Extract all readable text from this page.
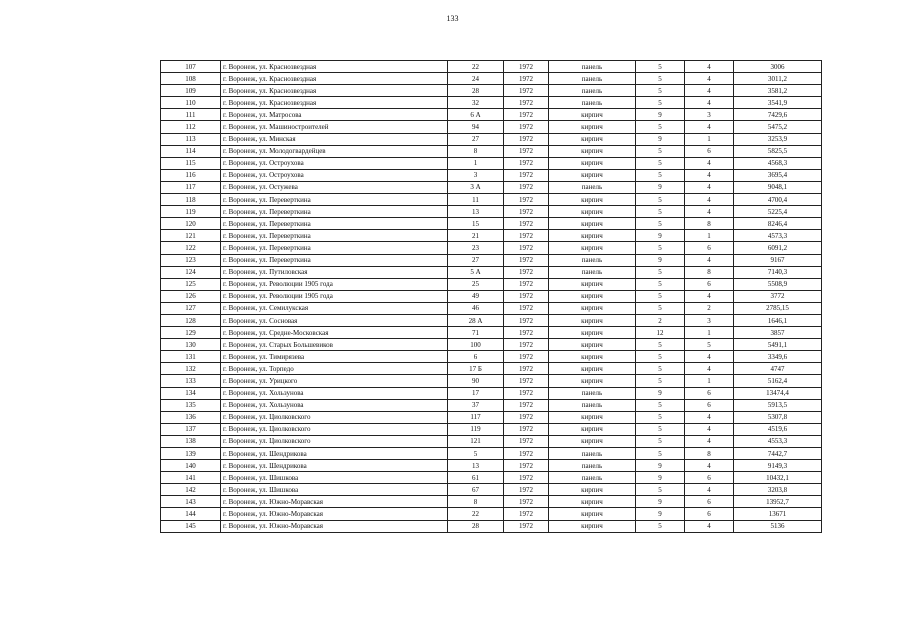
133
107	г. Воронеж, ул. Краснозвездная	22	1972	панель	5	4	3006
108	г. Воронеж, ул. Краснозвездная	24	1972	панель	5	4	3011,2
109	г. Воронеж, ул. Краснозвездная	28	1972	панель	5	4	3581,2
110	г. Воронеж, ул. Краснозвездная	32	1972	панель	5	4	3541,9
111	г. Воронеж, ул. Матросова	6 А	1972	кирпич	9	3	7429,6
112	г. Воронеж, ул. Машиностроителей	94	1972	кирпич	5	4	5475,2
113	г. Воронеж, ул. Минская	27	1972	кирпич	9	1	3253,9
114	г. Воронеж, ул. Молодогвардейцев	8	1972	кирпич	5	6	5825,5
115	г. Воронеж, ул. Остроухова	1	1972	кирпич	5	4	4568,3
116	г. Воронеж, ул. Остроухова	3	1972	кирпич	5	4	3695,4
117	г. Воронеж, ул. Остужева	3 А	1972	панель	9	4	9048,1
118	г. Воронеж, ул. Переверткина	11	1972	кирпич	5	4	4700,4
119	г. Воронеж, ул. Переверткина	13	1972	кирпич	5	4	5225,4
120	г. Воронеж, ул. Переверткина	15	1972	кирпич	5	8	8246,4
121	г. Воронеж, ул. Переверткина	21	1972	кирпич	9	1	4573,3
122	г. Воронеж, ул. Переверткина	23	1972	кирпич	5	6	6091,2
123	г. Воронеж, ул. Переверткина	27	1972	панель	9	4	9167
124	г. Воронеж, ул. Путиловская	5 А	1972	панель	5	8	7140,3
125	г. Воронеж, ул. Революции 1905 года	25	1972	кирпич	5	6	5508,9
126	г. Воронеж, ул. Революции 1905 года	49	1972	кирпич	5	4	3772
127	г. Воронеж, ул. Семилукская	46	1972	кирпич	5	2	2785,15
128	г. Воронеж, ул. Сосновая	28 А	1972	кирпич	2	3	1646,1
129	г. Воронеж, ул. Средне-Московская	71	1972	кирпич	12	1	3857
130	г. Воронеж, ул. Старых Большевиков	100	1972	кирпич	5	5	5491,1
131	г. Воронеж, ул. Тимирязева	6	1972	кирпич	5	4	3349,6
132	г. Воронеж, ул. Торпедо	17 Б	1972	кирпич	5	4	4747
133	г. Воронеж, ул. Урицкого	90	1972	кирпич	5	1	5162,4
134	г. Воронеж, ул. Хользунова	17	1972	панель	9	6	13474,4
135	г. Воронеж, ул. Хользунова	37	1972	панель	5	6	5913,5
136	г. Воронеж, ул. Циолковского	117	1972	кирпич	5	4	5307,8
137	г. Воронеж, ул. Циолковского	119	1972	кирпич	5	4	4519,6
138	г. Воронеж, ул. Циолковского	121	1972	кирпич	5	4	4553,3
139	г. Воронеж, ул. Шендрикова	5	1972	панель	5	8	7442,7
140	г. Воронеж, ул. Шендрикова	13	1972	панель	9	4	9149,3
141	г. Воронеж, ул. Шишкова	61	1972	панель	9	6	10432,1
142	г. Воронеж, ул. Шишкова	67	1972	кирпич	5	4	3203,8
143	г. Воронеж, ул. Южно-Моравская	8	1972	кирпич	9	6	13952,7
144	г. Воронеж, ул. Южно-Моравская	22	1972	кирпич	9	6	13671
145	г. Воронеж, ул. Южно-Моравская	28	1972	кирпич	5	4	5136
